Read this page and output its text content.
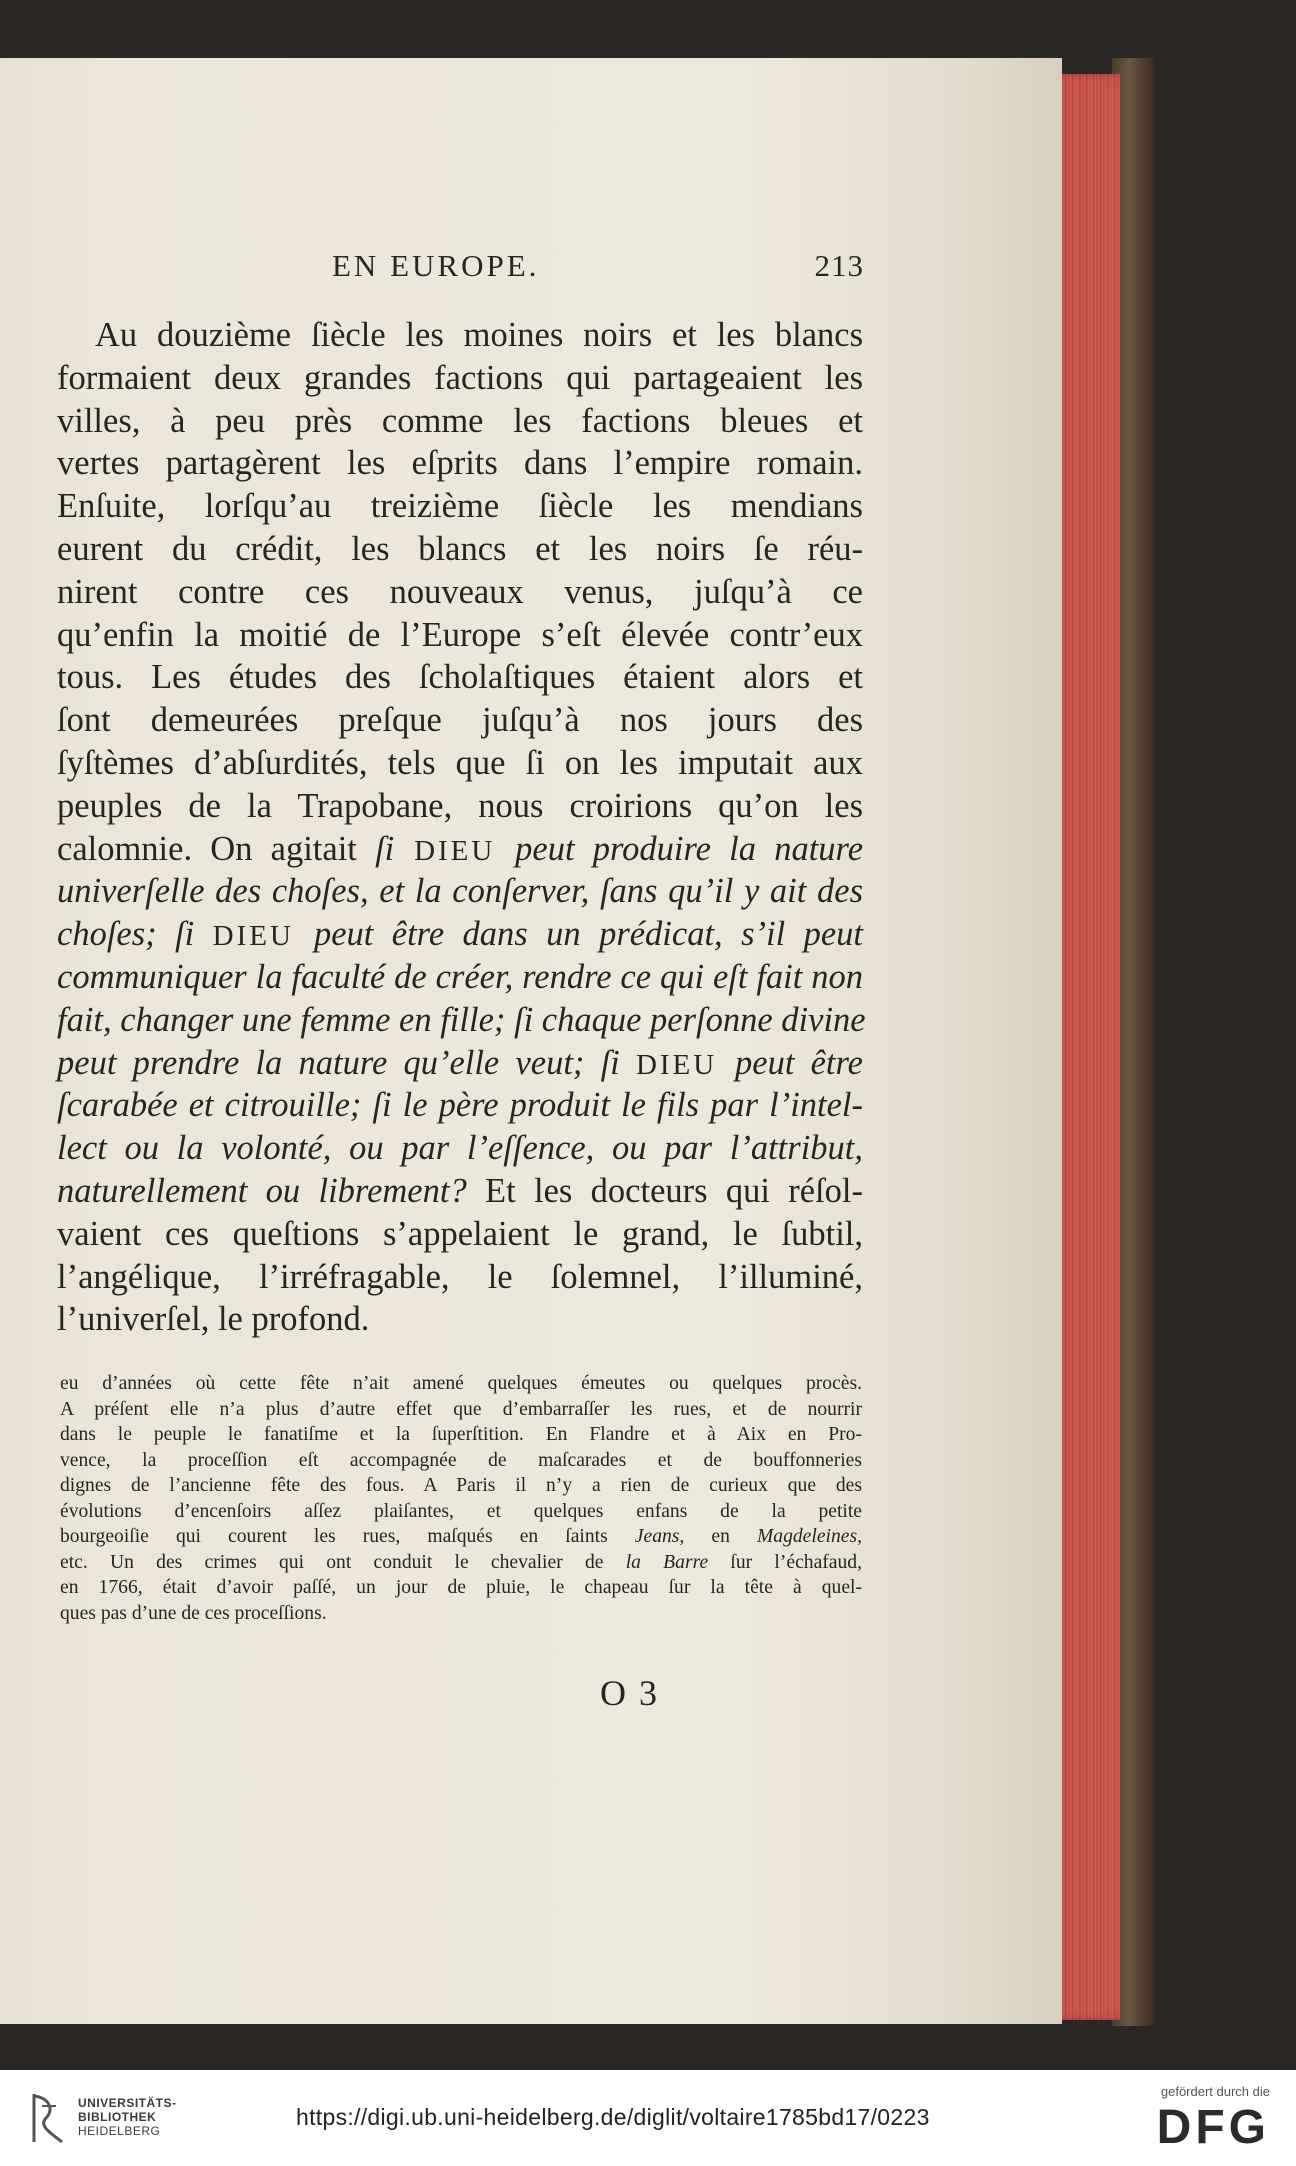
EN EUROPE.	213
Au douzième ſiècle les moines noirs et les blancs
formaient deux grandes factions qui partageaient les
villes, à peu près comme les factions bleues et
vertes partagèrent les eſprits dans l’empire romain.
Enſuite, lorſqu’au treizième ſiècle les mendians
eurent du crédit, les blancs et les noirs ſe réu-
nirent contre ces nouveaux venus, juſqu’à ce
qu’enfin la moitié de l’Europe s’eſt élevée contr’eux
tous. Les études des ſcholaſtiques étaient alors et
ſont demeurées preſque juſqu’à nos jours des
ſyſtèmes d’abſurdités, tels que ſi on les imputait aux
peuples de la Trapobane, nous croirions qu’on les
calomnie. On agitait ſi DIEU peut produire la nature
univerſelle des choſes, et la conſerver, ſans qu’il y ait des
choſes; ſi DIEU peut être dans un prédicat, s’il peut
communiquer la faculté de créer, rendre ce qui eſt fait non
fait, changer une femme en fille; ſi chaque perſonne divine
peut prendre la nature qu’elle veut; ſi DIEU peut être
ſcarabée et citrouille; ſi le père produit le fils par l’intel-
lect ou la volonté, ou par l’eſſence, ou par l’attribut,
naturellement ou librement? Et les docteurs qui réſol-
vaient ces queſtions s’appelaient le grand, le ſubtil,
l’angélique, l’irréfragable, le ſolemnel, l’illuminé,
l’univerſel, le profond.
eu d’années où cette fête n’ait amené quelques émeutes ou quelques procès.
A préſent elle n’a plus d’autre effet que d’embarraſſer les rues, et de nourrir
dans le peuple le fanatiſme et la ſuperſtition. En Flandre et à Aix en Pro-
vence, la proceſſion eſt accompagnée de maſcarades et de bouffonneries
dignes de l’ancienne fête des fous. A Paris il n’y a rien de curieux que des
évolutions d’encenſoirs aſſez plaiſantes, et quelques enfans de la petite
bourgeoiſie qui courent les rues, maſqués en ſaints Jeans, en Magdeleines,
etc. Un des crimes qui ont conduit le chevalier de la Barre ſur l’échafaud,
en 1766, était d’avoir paſſé, un jour de pluie, le chapeau ſur la tête à quel-
ques pas d’une de ces proceſſions.
O 3
UNIVERSITÄTS-
BIBLIOTHEK
HEIDELBERG
https://digi.ub.uni-heidelberg.de/diglit/voltaire1785bd17/0223
gefördert durch die
DFG
